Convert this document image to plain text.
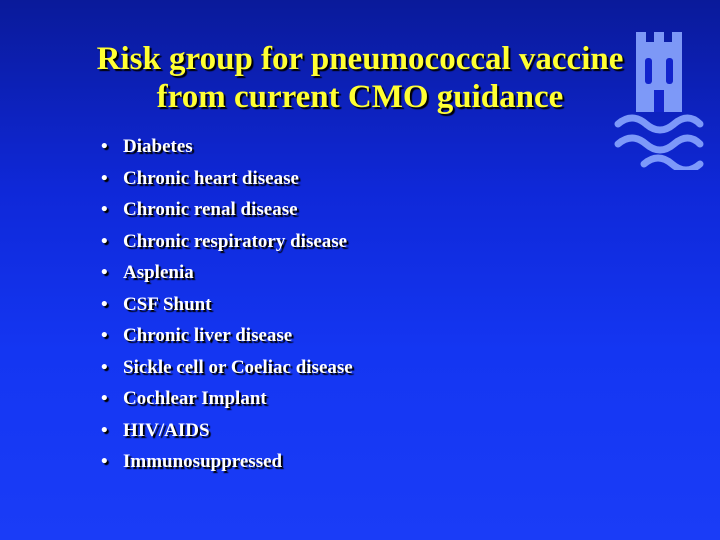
Risk group for pneumococcal vaccine
from current CMO guidance
• Diabetes
• Chronic heart disease
• Chronic renal disease
• Chronic respiratory disease
• Asplenia
• CSF Shunt
• Chronic liver disease
• Sickle cell or Coeliac disease
• Cochlear Implant
• HIV/AIDS
• Immunosuppressed
